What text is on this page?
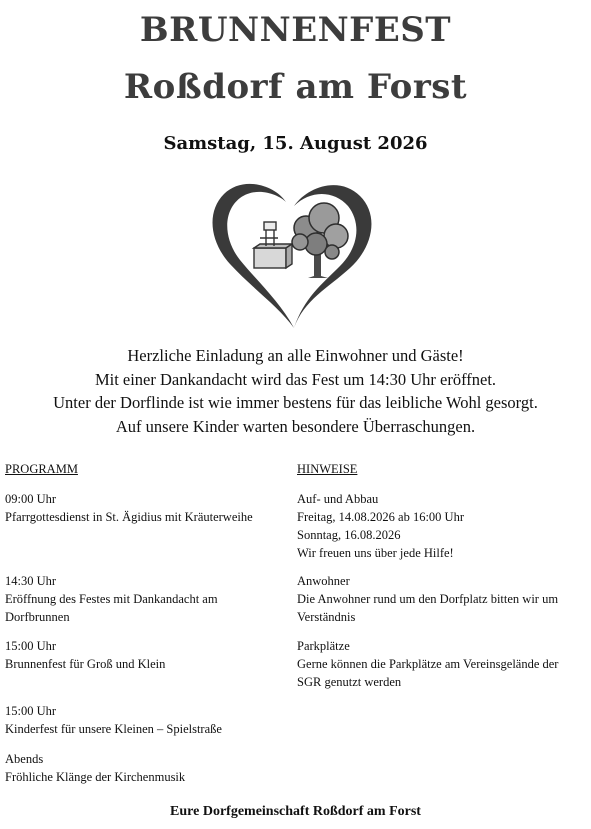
BRUNNENFEST
Roßdorf am Forst
Samstag, 15. August 2026
Herzliche Einladung an alle Einwohner und Gäste!
Mit einer Dankandacht wird das Fest um 14:30 Uhr eröffnet.
Unter der Dorflinde ist wie immer bestens für das leibliche Wohl gesorgt.
Auf unsere Kinder warten besondere Überraschungen.
PROGRAMM
09:00 Uhr
Pfarrgottesdienst in St. Ägidius mit Kräuterweihe
14:30 Uhr
Eröffnung des Festes mit Dankandacht am
Dorfbrunnen
15:00 Uhr
Brunnenfest für Groß und Klein
15:00 Uhr
Kinderfest für unsere Kleinen – Spielstraße
Abends
Fröhliche Klänge der Kirchenmusik
HINWEISE
Auf- und Abbau
Freitag, 14.08.2026 ab 16:00 Uhr
Sonntag, 16.08.2026
Wir freuen uns über jede Hilfe!
Anwohner
Die Anwohner rund um den Dorfplatz bitten wir um
Verständnis
Parkplätze
Gerne können die Parkplätze am Vereinsgelände der
SGR genutzt werden
Eure Dorfgemeinschaft Roßdorf am Forst
